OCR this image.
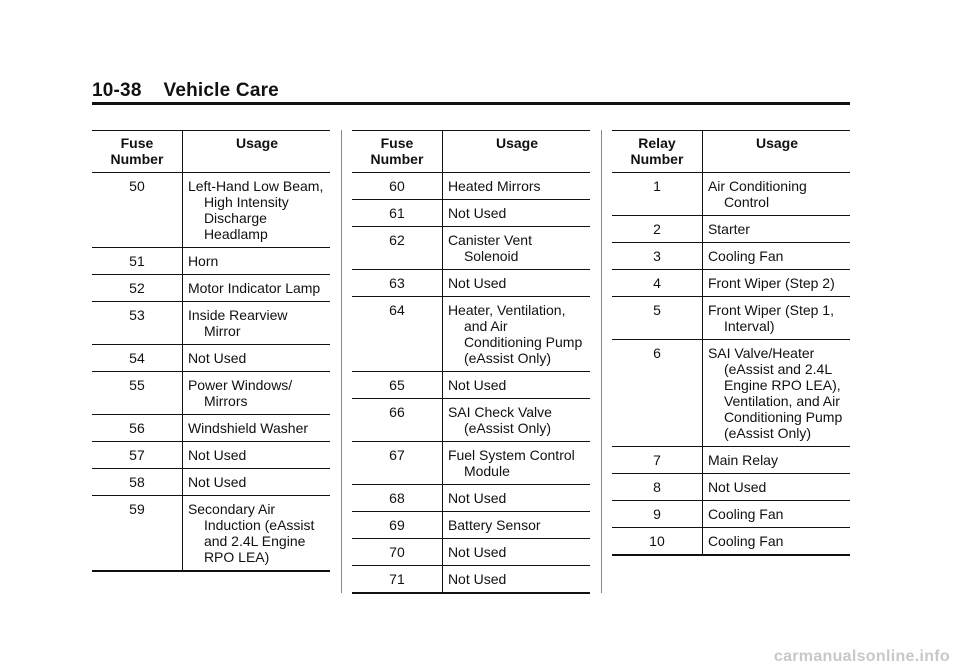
10-38 Vehicle Care
Fuse
Number	Usage
50	Left-Hand Low Beam, High Intensity Discharge Headlamp

51	Horn

52	Motor Indicator Lamp

53	Inside Rearview Mirror

54	Not Used

55	Power Windows/ Mirrors

56	Windshield Washer

57	Not Used

58	Not Used

59	Secondary Air Induction (eAssist and 2.4L Engine RPO LEA)
Fuse
Number	Usage
60	Heated Mirrors

61	Not Used

62	Canister Vent Solenoid

63	Not Used

64	Heater, Ventilation, and Air Conditioning Pump (eAssist Only)

65	Not Used

66	SAI Check Valve (eAssist Only)

67	Fuel System Control Module

68	Not Used

69	Battery Sensor

70	Not Used

71	Not Used
Relay
Number	Usage
1	Air Conditioning Control

2	Starter

3	Cooling Fan

4	Front Wiper (Step 2)

5	Front Wiper (Step 1, Interval)

6	SAI Valve/Heater (eAssist and 2.4L Engine RPO LEA), Ventilation, and Air Conditioning Pump (eAssist Only)

7	Main Relay

8	Not Used

9	Cooling Fan

10	Cooling Fan
carmanualsonline.info
